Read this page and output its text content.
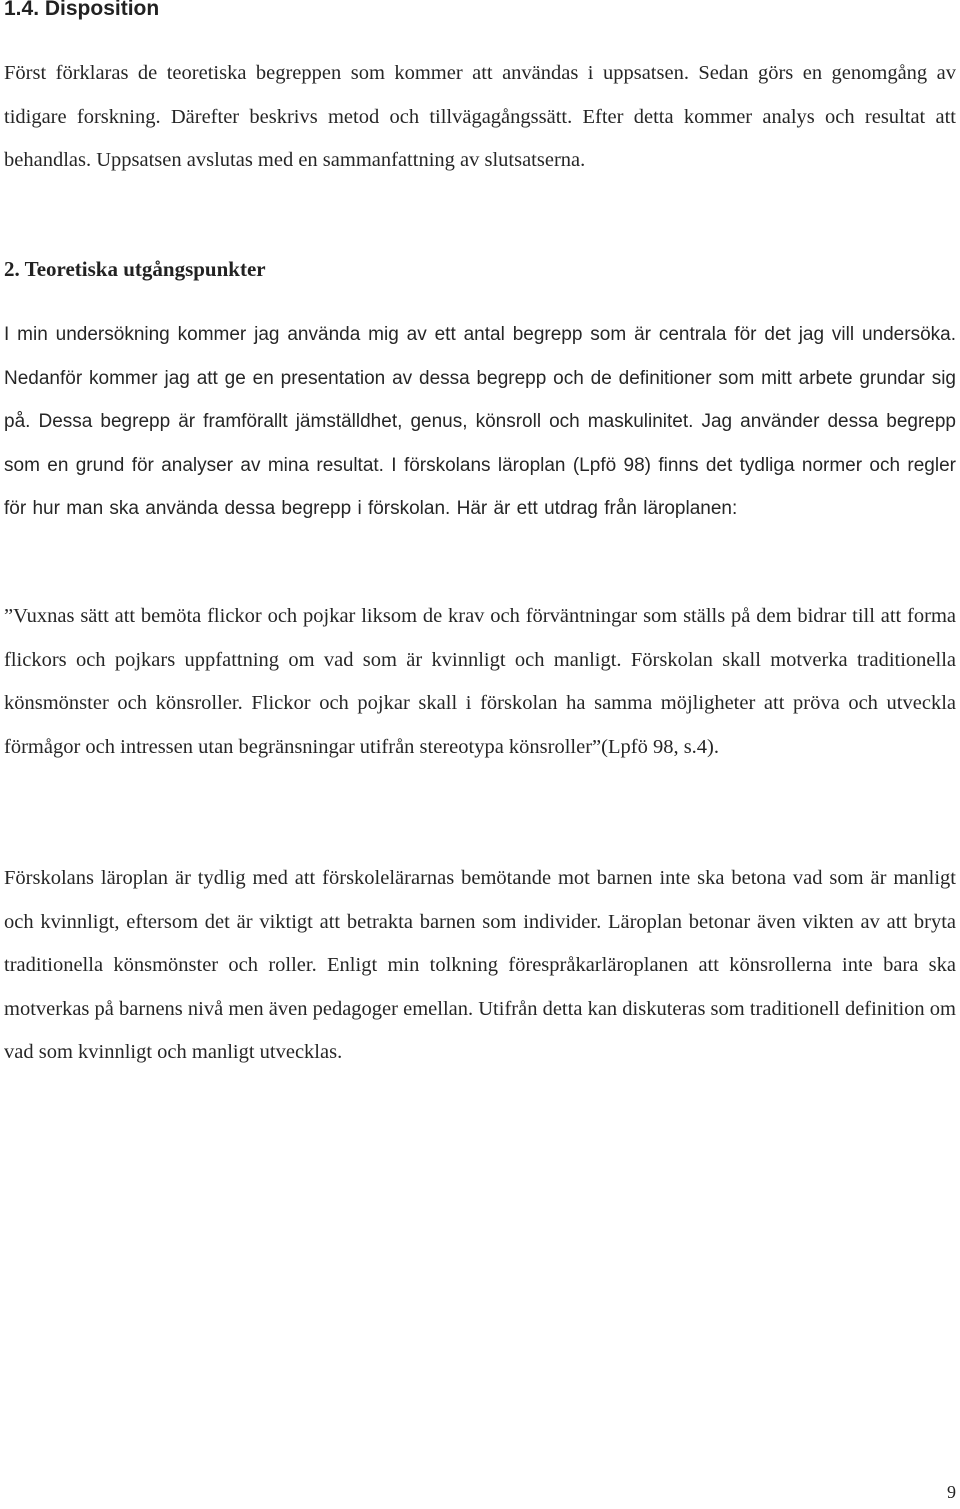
1.4. Disposition

Först förklaras de teoretiska begreppen som kommer att användas i uppsatsen. Sedan görs en genomgång av tidigare forskning. Därefter beskrivs metod och tillvägagångssätt. Efter detta kommer analys och resultat att behandlas. Uppsatsen avslutas med en sammanfattning av slutsatserna.

2. Teoretiska utgångspunkter

I min undersökning kommer jag använda mig av ett antal begrepp som är centrala för det jag vill undersöka. Nedanför kommer jag att ge en presentation av dessa begrepp och de definitioner som mitt arbete grundar sig på. Dessa begrepp är framförallt jämställdhet, genus, könsroll och maskulinitet. Jag använder dessa begrepp som en grund för analyser av mina resultat. I förskolans läroplan (Lpfö 98) finns det tydliga normer och regler för hur man ska använda dessa begrepp i förskolan. Här är ett utdrag från läroplanen:

”Vuxnas sätt att bemöta flickor och pojkar liksom de krav och förväntningar som ställs på dem bidrar till att forma flickors och pojkars uppfattning om vad som är kvinnligt och manligt. Förskolan skall motverka traditionella könsmönster och könsroller. Flickor och pojkar skall i förskolan ha samma möjligheter att pröva och utveckla förmågor och intressen utan begränsningar utifrån stereotypa könsroller”(Lpfö 98, s.4).

Förskolans läroplan är tydlig med att förskolelärarnas bemötande mot barnen inte ska betona vad som är manligt och kvinnligt, eftersom det är viktigt att betrakta barnen som individer. Läroplan betonar även vikten av att bryta traditionella könsmönster och roller. Enligt min tolkning förespråkarläroplanen att könsrollerna inte bara ska motverkas på barnens nivå men även pedagoger emellan. Utifrån detta kan diskuteras som traditionell definition om vad som kvinnligt och manligt utvecklas.

9
